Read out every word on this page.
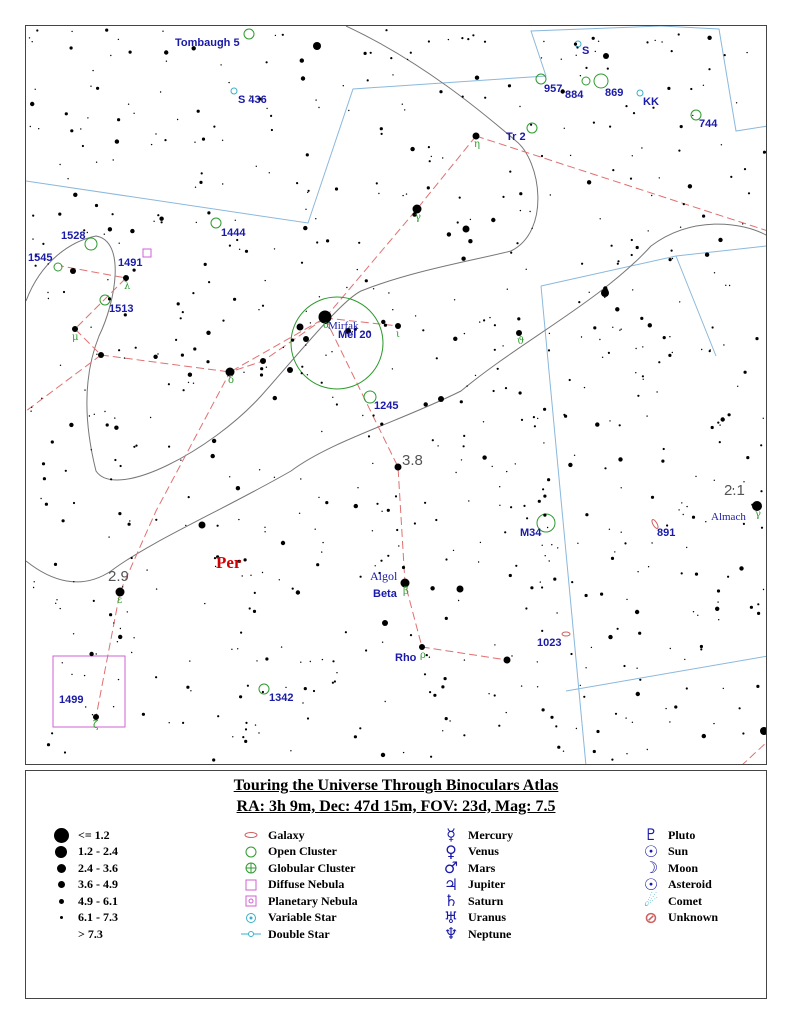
Per
Tombaugh 5
S 436
957 884 869
S
KK
744
Tr 2
1444
1528
1545	1491
1513
Mel 20
1245
M34	891
1023
1342
1499
Mirfak
Algol
Beta
Rho
Almach
η
γ
λ
μ
δ
ι
ϑ
ε
β
ρ
ζ
α
γ
3.8
2.9
2.1
Touring the Universe Through Binoculars Atlas
RA: 3h 9m, Dec: 47d 15m, FOV: 23d, Mag: 7.5
<= 1.2
1.2 - 2.4
2.4 - 3.6
3.6 - 4.9
4.9 - 6.1
6.1 - 7.3
> 7.3
Galaxy
Open Cluster
Globular Cluster
Diffuse Nebula
Planetary Nebula
Variable Star
Double Star
☿ Mercury
♀ Venus
♂ Mars
♃ Jupiter
♄ Saturn
♅ Uranus
♆ Neptune
♇ Pluto
☉ Sun
☽ Moon
☉ Asteroid
☄ Comet
⊘ Unknown
